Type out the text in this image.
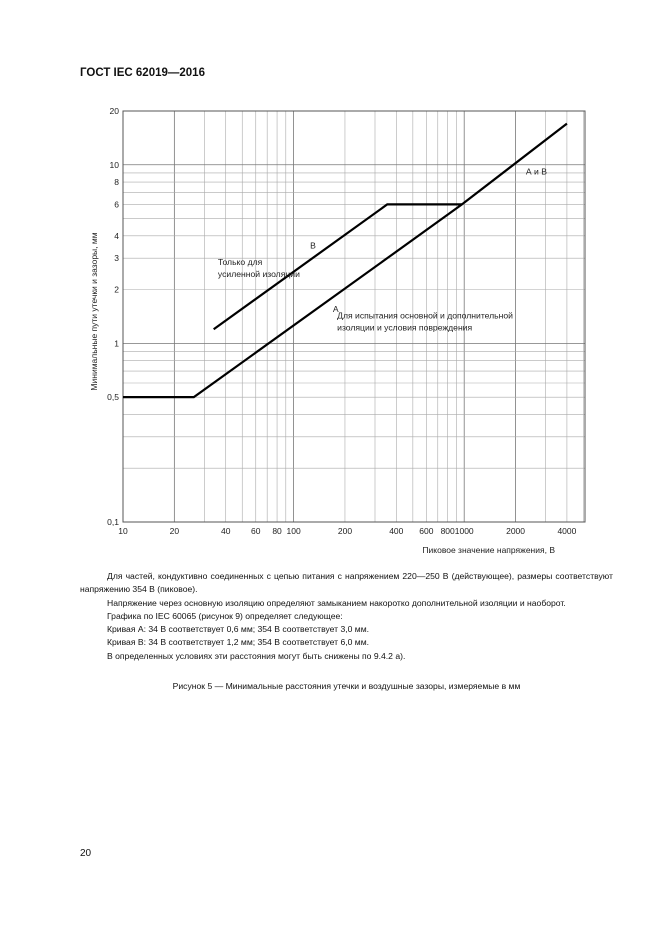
ГОСТ IEC 62019—2016
10	20	40 60 80 100	200	400 600 800 1000	2000	4000
0,1
0,5
1
2
3
4
6
8
10
20
Пиковое значение напряжения, В
Минимальные пути утечки и зазоры, мм	B
A
А и В
Только для
усиленной изоляции
Для испытания основной и дополнительной
изоляции и условия повреждения

Для частей, кондуктивно соединенных с цепью питания с напряжением 220—250 В (действующее), размеры соответствуют напряжению 354 В (пиковое).

Напряжение через основную изоляцию определяют замыканием накоротко дополнительной изоляции и наоборот.

Графика по IEC 60065 (рисунок 9) определяет следующее:

Кривая А: 34 В соответствует 0,6 мм; 354 В соответствует 3,0 мм.

Кривая В: 34 В соответствует 1,2 мм; 354 В соответствует 6,0 мм.

В определенных условиях эти расстояния могут быть снижены по 9.4.2 а).

Рисунок 5 — Минимальные расстояния утечки и воздушные зазоры, измеряемые в мм
20
